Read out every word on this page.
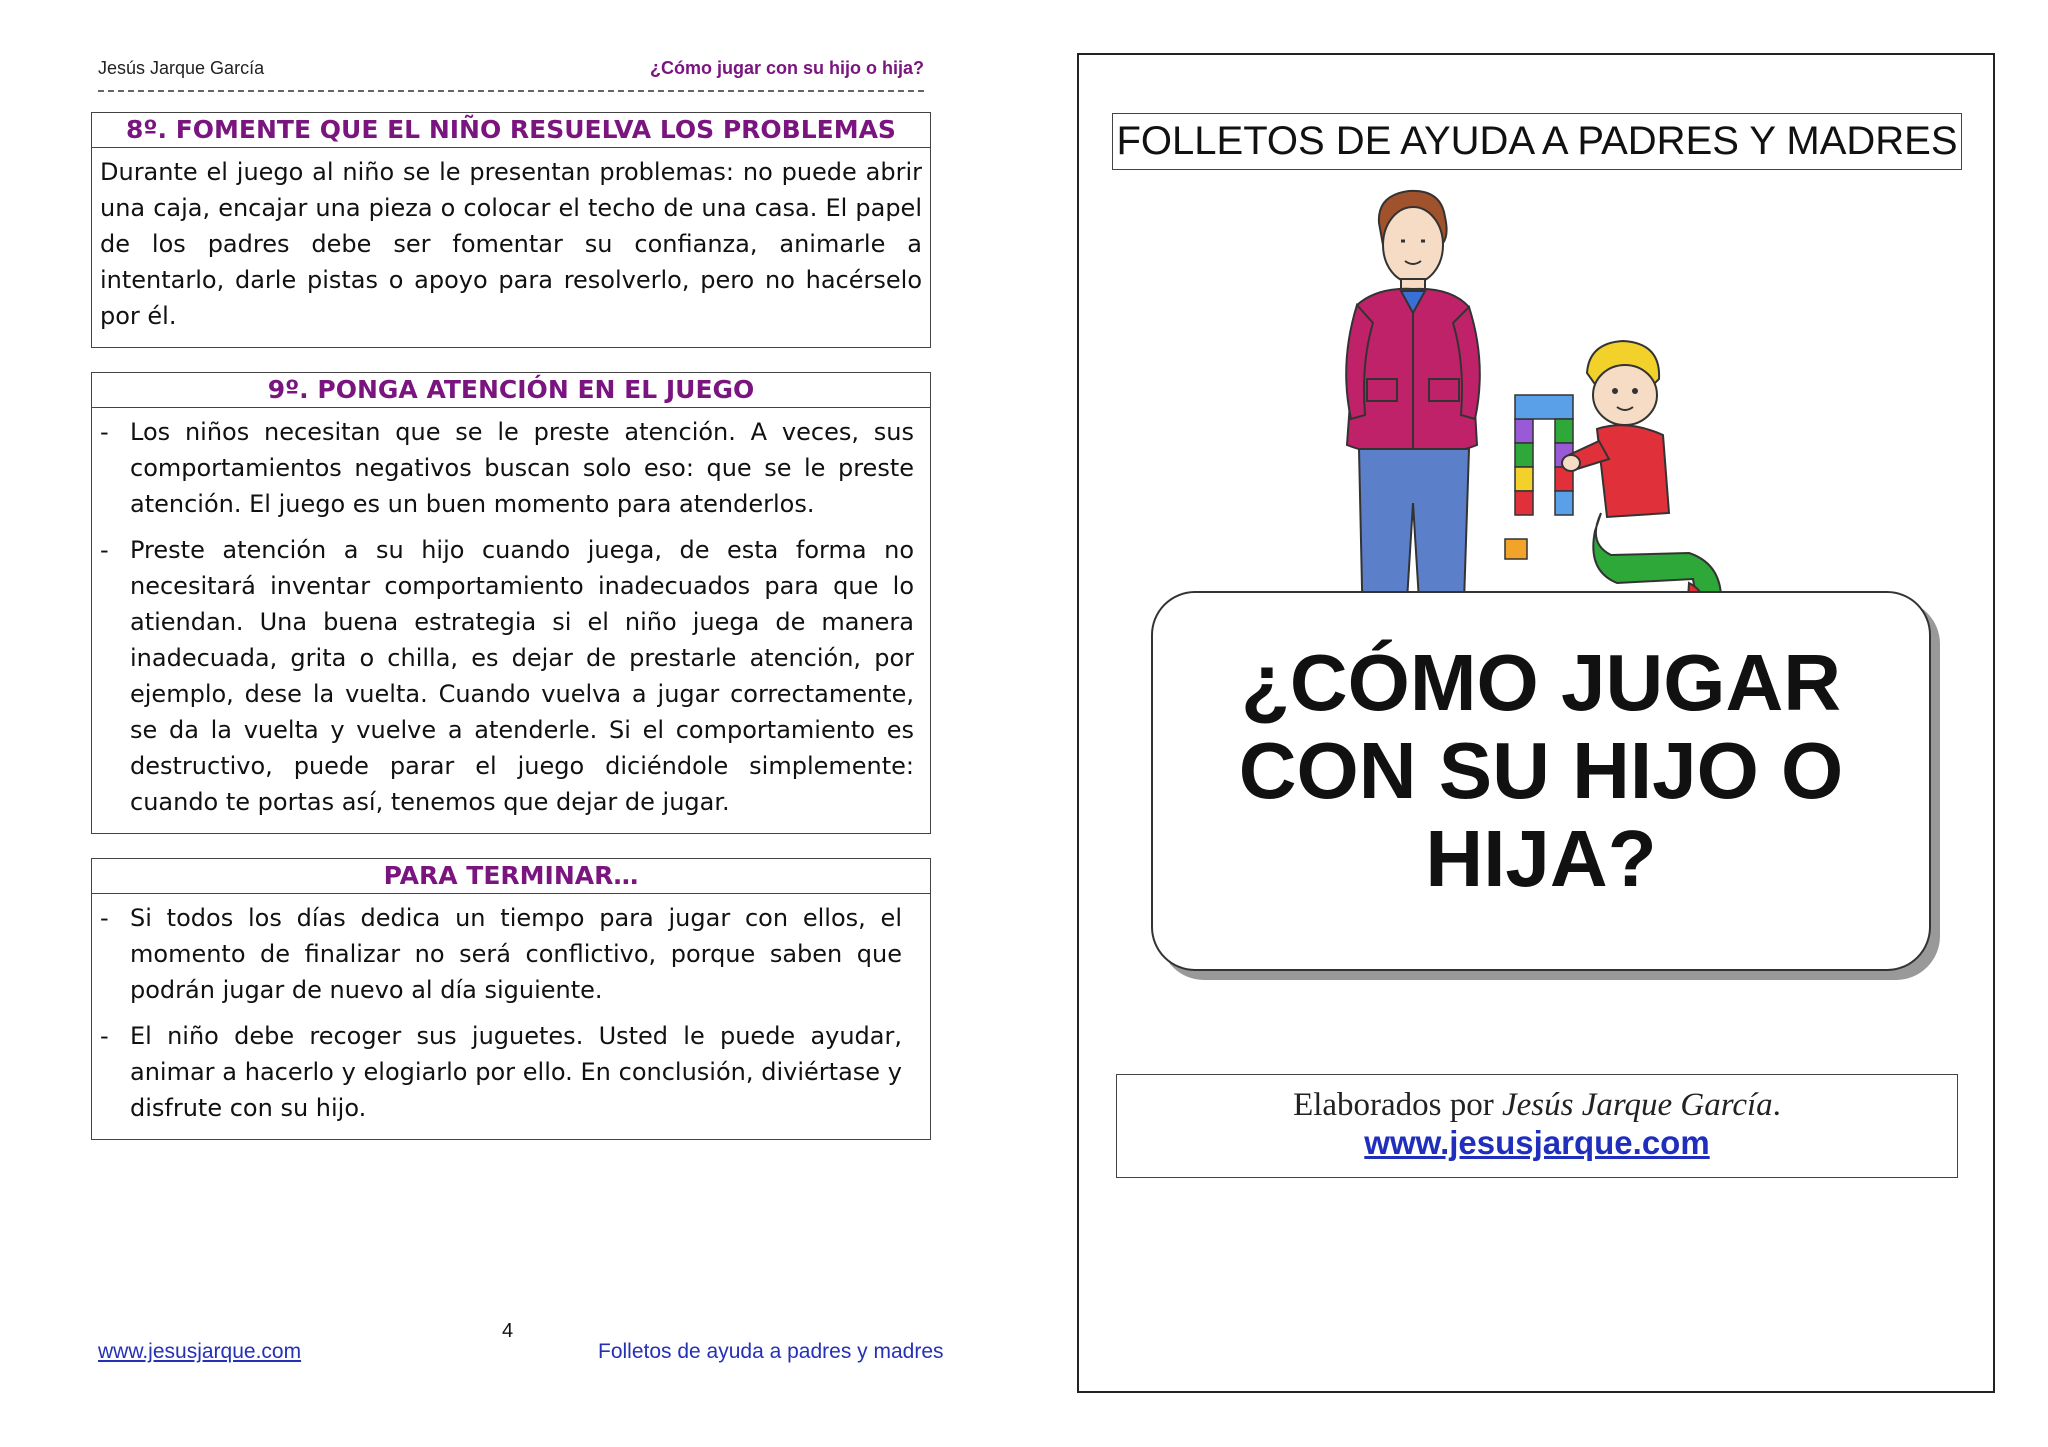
Jesús Jarque García	¿Cómo jugar con su hijo o hija?
8º. FOMENTE QUE EL NIÑO RESUELVA LOS PROBLEMAS
Durante el juego al niño se le presentan problemas: no puede abrir una caja, encajar una pieza o colocar el techo de una casa. El papel de los padres debe ser fomentar su confianza, animarle a intentarlo, darle pistas o apoyo para resolverlo, pero no hacérselo por él.
9º. PONGA ATENCIÓN EN EL JUEGO
- Los niños necesitan que se le preste atención. A veces, sus comportamientos negativos buscan solo eso: que se le preste atención. El juego es un buen momento para atenderlos.
- Preste atención a su hijo cuando juega, de esta forma no necesitará inventar comportamiento inadecuados para que lo atiendan. Una buena estrategia si el niño juega de manera inadecuada, grita o chilla, es dejar de prestarle atención, por ejemplo, dese la vuelta. Cuando vuelva a jugar correctamente, se da la vuelta y vuelve a atenderle. Si el comportamiento es destructivo, puede parar el juego diciéndole simplemente: cuando te portas así, tenemos que dejar de jugar.
PARA TERMINAR…
- Si todos los días dedica un tiempo para jugar con ellos, el momento de finalizar no será conflictivo, porque saben que podrán jugar de nuevo al día siguiente.
- El niño debe recoger sus juguetes. Usted le puede ayudar, animar a hacerlo y elogiarlo por ello. En conclusión, diviértase y disfrute con su hijo.
4
www.jesusjarque.com	Folletos de ayuda a padres y madres
FOLLETOS DE AYUDA A PADRES Y MADRES
¿CÓMO JUGAR
CON SU HIJO O
HIJA?
Elaborados por Jesús Jarque García.
www.jesusjarque.com
